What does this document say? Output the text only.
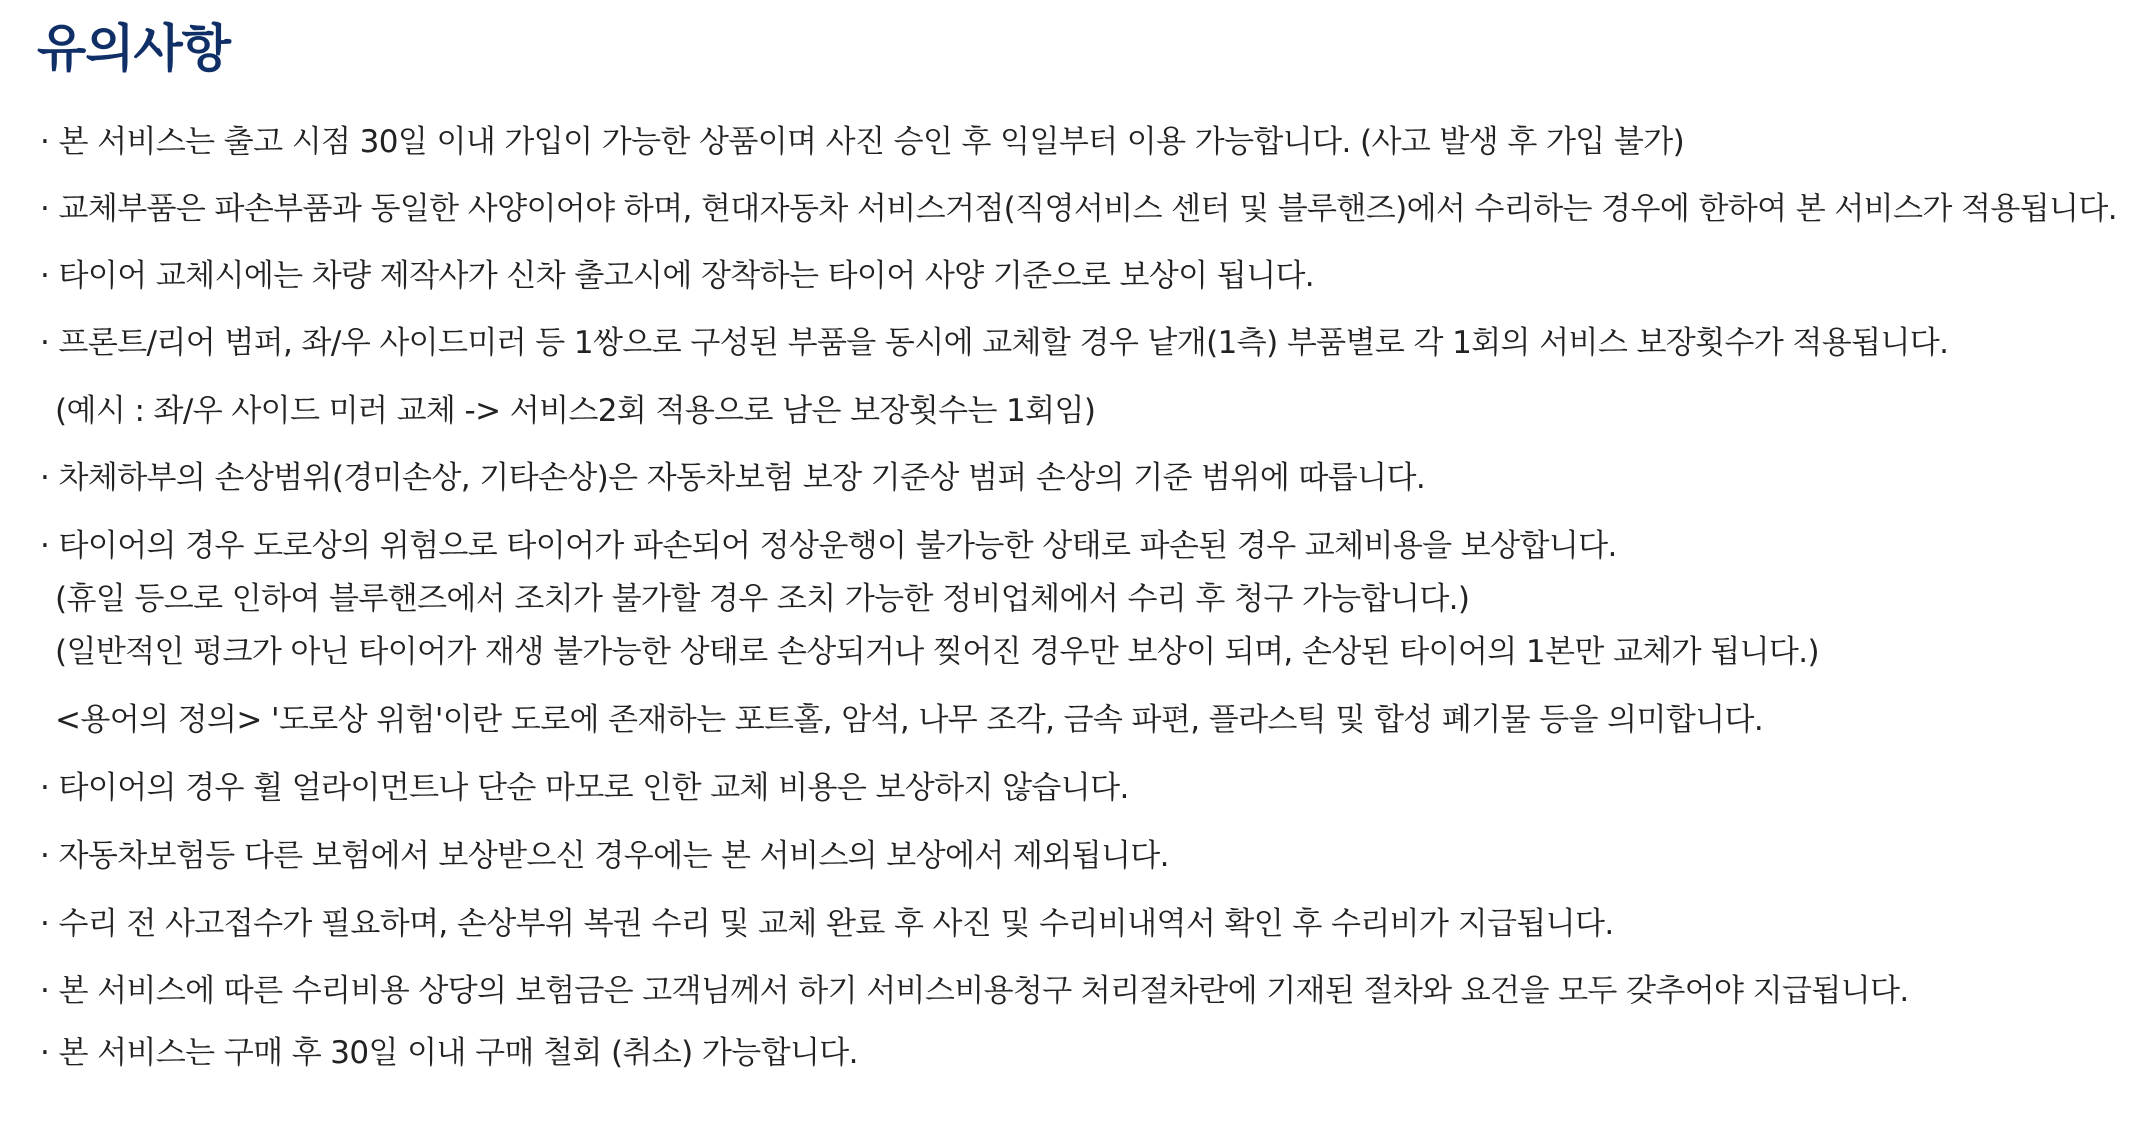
유의사항

· 본 서비스는 출고 시점 30일 이내 가입이 가능한 상품이며 사진 승인 후 익일부터 이용 가능합니다. (사고 발생 후 가입 불가)

· 교체부품은 파손부품과 동일한 사양이어야 하며, 현대자동차 서비스거점(직영서비스 센터 및 블루핸즈)에서 수리하는 경우에 한하여 본 서비스가 적용됩니다.

· 타이어 교체시에는 차량 제작사가 신차 출고시에 장착하는 타이어 사양 기준으로 보상이 됩니다.

· 프론트/리어 범퍼, 좌/우 사이드미러 등 1쌍으로 구성된 부품을 동시에 교체할 경우 낱개(1측) 부품별로 각 1회의 서비스 보장횟수가 적용됩니다.

(예시 : 좌/우 사이드 미러 교체 -> 서비스2회 적용으로 남은 보장횟수는 1회임)

· 차체하부의 손상범위(경미손상, 기타손상)은 자동차보험 보장 기준상 범퍼 손상의 기준 범위에 따릅니다.

· 타이어의 경우 도로상의 위험으로 타이어가 파손되어 정상운행이 불가능한 상태로 파손된 경우 교체비용을 보상합니다.

(휴일 등으로 인하여 블루핸즈에서 조치가 불가할 경우 조치 가능한 정비업체에서 수리 후 청구 가능합니다.)

(일반적인 펑크가 아닌 타이어가 재생 불가능한 상태로 손상되거나 찢어진 경우만 보상이 되며, 손상된 타이어의 1본만 교체가 됩니다.)

<용어의 정의> '도로상 위험'이란 도로에 존재하는 포트홀, 암석, 나무 조각, 금속 파편, 플라스틱 및 합성 폐기물 등을 의미합니다.

· 타이어의 경우 휠 얼라이먼트나 단순 마모로 인한 교체 비용은 보상하지 않습니다.

· 자동차보험등 다른 보험에서 보상받으신 경우에는 본 서비스의 보상에서 제외됩니다.

· 수리 전 사고접수가 필요하며, 손상부위 복권 수리 및 교체 완료 후 사진 및 수리비내역서 확인 후 수리비가 지급됩니다.

· 본 서비스에 따른 수리비용 상당의 보험금은 고객님께서 하기 서비스비용청구 처리절차란에 기재된 절차와 요건을 모두 갖추어야 지급됩니다.

· 본 서비스는 구매 후 30일 이내 구매 철회 (취소) 가능합니다.
